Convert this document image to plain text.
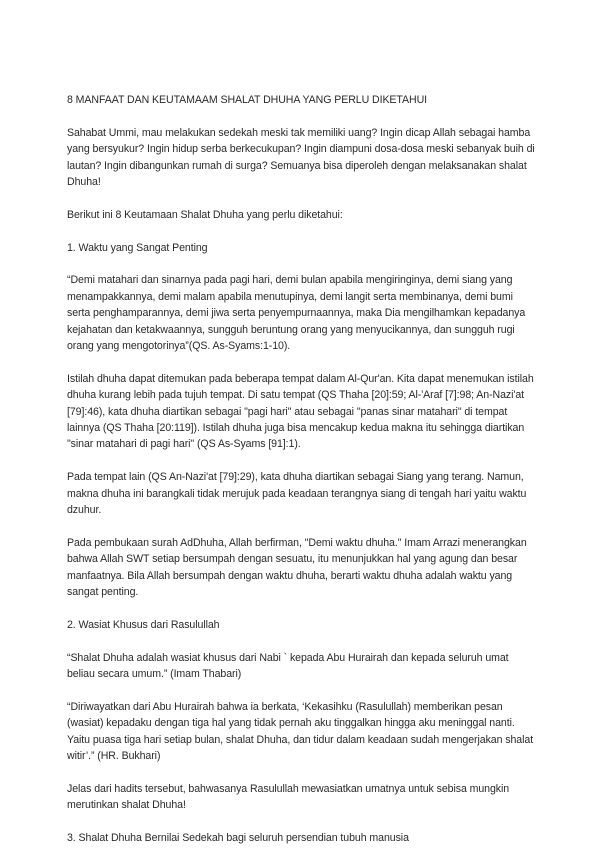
8 MANFAAT DAN KEUTAMAAM SHALAT DHUHA YANG PERLU DIKETAHUI

Sahabat Ummi, mau melakukan sedekah meski tak memiliki uang? Ingin dicap Allah sebagai hamba yang bersyukur? Ingin hidup serba berkecukupan? Ingin diampuni dosa-dosa meski sebanyak buih di lautan? Ingin dibangunkan rumah di surga? Semuanya bisa diperoleh dengan melaksanakan shalat Dhuha!

Berikut ini 8 Keutamaan Shalat Dhuha yang perlu diketahui:

1. Waktu yang Sangat Penting

“Demi matahari dan sinarnya pada pagi hari, demi bulan apabila mengiringinya, demi siang yang menampakkannya, demi malam apabila menutupinya, demi langit serta membinanya, demi bumi serta penghamparannya, demi jiwa serta penyempurnaannya, maka Dia mengilhamkan kepadanya kejahatan dan ketakwaannya, sungguh beruntung orang yang menyucikannya, dan sungguh rugi orang yang mengotorinya”(QS. As-Syams:1-10).

Istilah dhuha dapat ditemukan pada beberapa tempat dalam Al-Qur'an. Kita dapat menemukan istilah dhuha kurang lebih pada tujuh tempat. Di satu tempat (QS Thaha [20]:59; Al-'Araf [7]:98; An-Nazi'at [79]:46), kata dhuha diartikan sebagai "pagi hari" atau sebagai "panas sinar matahari" di tempat lainnya (QS Thaha [20:119]). Istilah dhuha juga bisa mencakup kedua makna itu sehingga diartikan "sinar matahari di pagi hari" (QS As-Syams [91]:1).

Pada tempat lain (QS An-Nazi'at [79]:29), kata dhuha diartikan sebagai Siang yang terang. Namun, makna dhuha ini barangkali tidak merujuk pada keadaan terangnya siang di tengah hari yaitu waktu dzuhur.

Pada pembukaan surah AdDhuha, Allah berfirman, "Demi waktu dhuha." Imam Arrazi menerangkan bahwa Allah SWT setiap bersumpah dengan sesuatu, itu menunjukkan hal yang agung dan besar manfaatnya. Bila Allah bersumpah dengan waktu dhuha, berarti waktu dhuha adalah waktu yang sangat penting.

2. Wasiat Khusus dari Rasulullah

“Shalat Dhuha adalah wasiat khusus dari Nabi ` kepada Abu Hurairah dan kepada seluruh umat beliau secara umum.” (Imam Thabari)

“Diriwayatkan dari Abu Hurairah bahwa ia berkata, ‘Kekasihku (Rasulullah) memberikan pesan (wasiat) kepadaku dengan tiga hal yang tidak pernah aku tinggalkan hingga aku meninggal nanti. Yaitu puasa tiga hari setiap bulan, shalat Dhuha, dan tidur dalam keadaan sudah mengerjakan shalat witir’.” (HR. Bukhari)

Jelas dari hadits tersebut, bahwasanya Rasulullah mewasiatkan umatnya untuk sebisa mungkin merutinkan shalat Dhuha!

3. Shalat Dhuha Bernilai Sedekah bagi seluruh persendian tubuh manusia
